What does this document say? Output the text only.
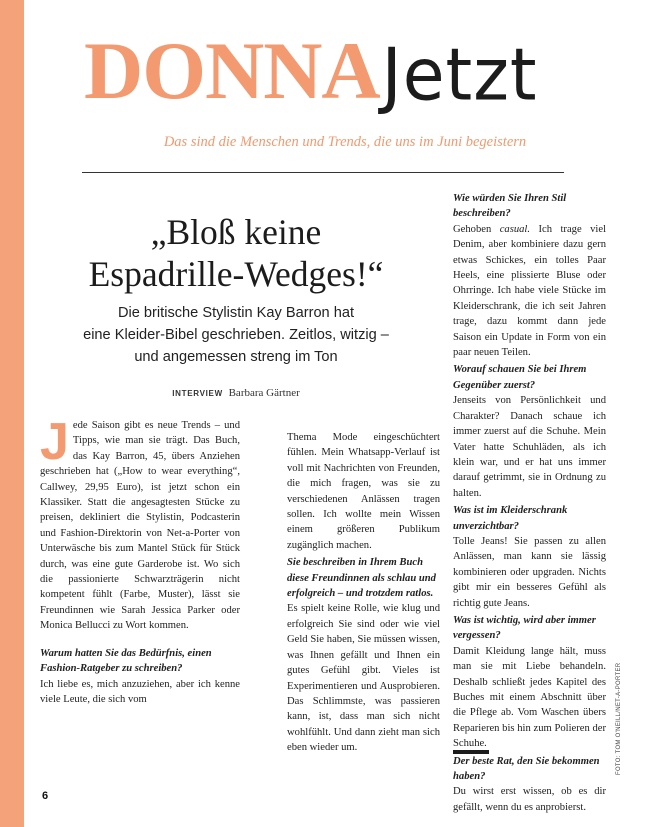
DONNAJetzt
Das sind die Menschen und Trends, die uns im Juni begeistern
„Bloß keine
Espadrille-Wedges!“
Die britische Stylistin Kay Barron hat
eine Kleider-Bibel geschrieben. Zeitlos, witzig –
und angemessen streng im Ton
INTERVIEW Barbara Gärtner

Jede Saison gibt es neue Trends – und Tipps, wie man sie trägt. Das Buch, das Kay Barron, 45, übers Anziehen geschrieben hat („How to wear everything“, Callwey, 29,95 Euro), ist jetzt schon ein Klassiker. Statt die angesagtesten Stücke zu preisen, dekliniert die Stylistin, Podcasterin und Fashion-Direktorin von Net-a-Porter von Unterwäsche bis zum Mantel Stück für Stück durch, was eine gute Garderobe ist. Wo sich die passionierte Schwarzträgerin nicht kompetent fühlt (Farbe, Muster), lässt sie Freundinnen wie Sarah Jessica Parker oder Monica Bellucci zu Wort kommen.

Warum hatten Sie das Bedürfnis, einen Fashion-Ratgeber zu schreiben?

Ich liebe es, mich anzuziehen, aber ich kenne viele Leute, die sich vom

Thema Mode eingeschüchtert fühlen. Mein Whatsapp-Verlauf ist voll mit Nachrichten von Freunden, die mich fragen, was sie zu verschiedenen Anlässen tragen sollen. Ich wollte mein Wissen einem größeren Publikum zugänglich machen.

Sie beschreiben in Ihrem Buch diese Freundinnen als schlau und erfolgreich – und trotzdem ratlos.

Es spielt keine Rolle, wie klug und erfolgreich Sie sind oder wie viel Geld Sie haben, Sie müssen wissen, was Ihnen gefällt und Ihnen ein gutes Gefühl gibt. Vieles ist Experimentieren und Ausprobieren. Das Schlimmste, was passieren kann, ist, dass man sich nicht wohlfühlt. Und dann zieht man sich eben wieder um.

Wie würden Sie Ihren Stil beschreiben?

Gehoben casual. Ich trage viel Denim, aber kombiniere dazu gern etwas Schickes, ein tolles Paar Heels, eine plissierte Bluse oder Ohrringe. Ich habe viele Stücke im Kleiderschrank, die ich seit Jahren trage, dazu kommt dann jede Saison ein Update in Form von ein paar neuen Teilen.

Worauf schauen Sie bei Ihrem Gegenüber zuerst?

Jenseits von Persönlichkeit und Charakter? Danach schaue ich immer zuerst auf die Schuhe. Mein Vater hatte Schuhläden, als ich klein war, und er hat uns immer darauf getrimmt, sie in Ordnung zu halten.

Was ist im Kleiderschrank unverzichtbar?

Tolle Jeans! Sie passen zu allen Anlässen, man kann sie lässig kombinieren oder upgraden. Nichts gibt mir ein besseres Gefühl als richtig gute Jeans.

Was ist wichtig, wird aber immer vergessen?

Damit Kleidung lange hält, muss man sie mit Liebe behandeln. Deshalb schließt jedes Kapitel des Buches mit einem Abschnitt über die Pflege ab. Vom Waschen übers Reparieren bis hin zum Polieren der Schuhe.

Der beste Rat, den Sie bekommen haben?

Du wirst erst wissen, ob es dir gefällt, wenn du es anprobierst.

6
FOTO: TOM O'NEILL/NET-A-PORTER
